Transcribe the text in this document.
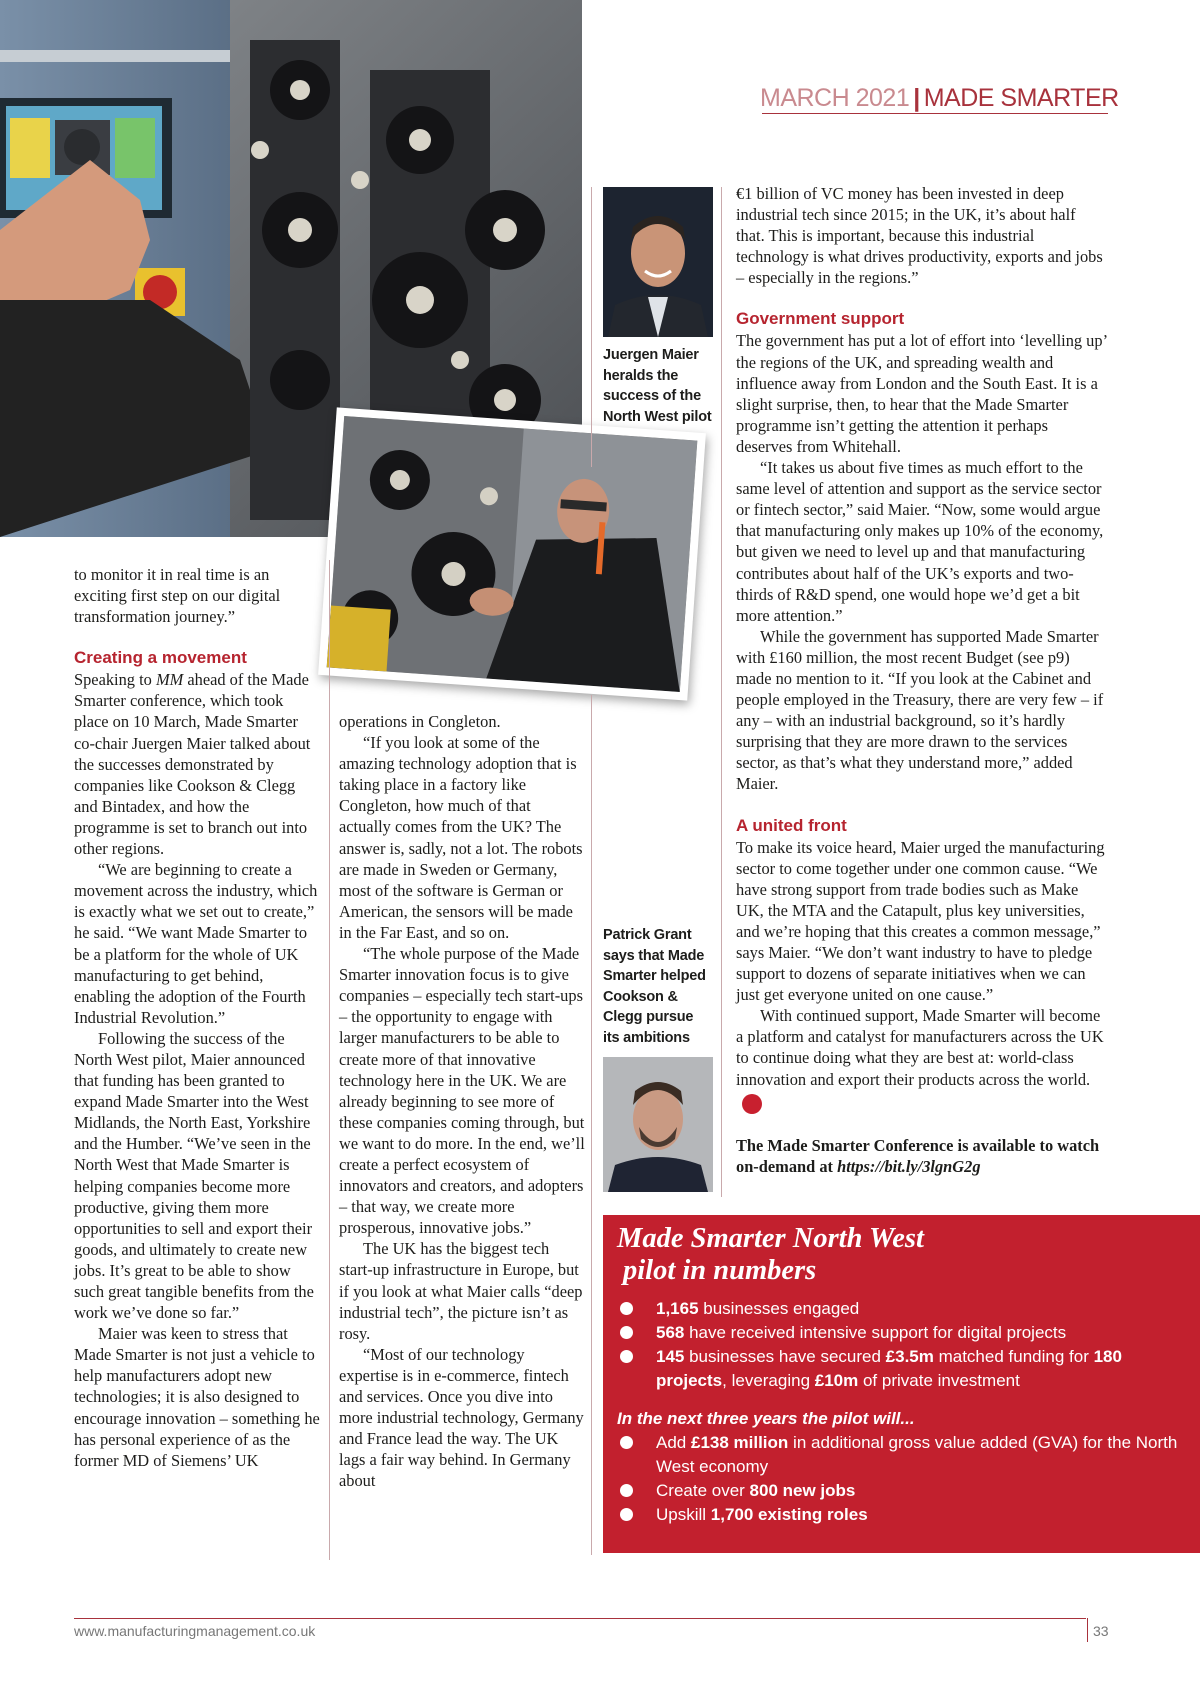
MARCH 2021 | MADE SMARTER
Juergen Maier heralds the success of the North West pilot
Patrick Grant says that Made Smarter helped Cookson & Clegg pursue its ambitions

to monitor it in real time is an exciting first step on our digital transformation journey.”

Creating a movement

Speaking to MM ahead of the Made Smarter conference, which took place on 10 March, Made Smarter co-chair Juergen Maier talked about the successes demonstrated by companies like Cookson & Clegg and Bintadex, and how the programme is set to branch out into other regions.

“We are beginning to create a movement across the industry, which is exactly what we set out to create,” he said. “We want Made Smarter to be a platform for the whole of UK manufacturing to get behind, enabling the adoption of the Fourth Industrial Revolution.”

Following the success of the North West pilot, Maier announced that funding has been granted to expand Made Smarter into the West Midlands, the North East, Yorkshire and the Humber. “We’ve seen in the North West that Made Smarter is helping companies become more productive, giving them more opportunities to sell and export their goods, and ultimately to create new jobs. It’s great to be able to show such great tangible benefits from the work we’ve done so far.”

Maier was keen to stress that Made Smarter is not just a vehicle to help manufacturers adopt new technologies; it is also designed to encourage innovation – something he has personal experience of as the former MD of Siemens’ UK

operations in Congleton.

“If you look at some of the amazing technology adoption that is taking place in a factory like Congleton, how much of that actually comes from the UK? The answer is, sadly, not a lot. The robots are made in Sweden or Germany, most of the software is German or American, the sensors will be made in the Far East, and so on.

“The whole purpose of the Made Smarter innovation focus is to give companies – especially tech start-ups – the opportunity to engage with larger manufacturers to be able to create more of that innovative technology here in the UK. We are already beginning to see more of these companies coming through, but we want to do more. In the end, we’ll create a perfect ecosystem of innovators and creators, and adopters – that way, we create more prosperous, innovative jobs.”

The UK has the biggest tech start-up infrastructure in Europe, but if you look at what Maier calls “deep industrial tech”, the picture isn’t as rosy.

“Most of our technology expertise is in e-commerce, fintech and services. Once you dive into more industrial technology, Germany and France lead the way. The UK lags a fair way behind. In Germany about

€1 billion of VC money has been invested in deep industrial tech since 2015; in the UK, it’s about half that. This is important, because this industrial technology is what drives productivity, exports and jobs – especially in the regions.”

Government support

The government has put a lot of effort into ‘levelling up’ the regions of the UK, and spreading wealth and influence away from London and the South East. It is a slight surprise, then, to hear that the Made Smarter programme isn’t getting the attention it perhaps deserves from Whitehall.

“It takes us about five times as much effort to the same level of attention and support as the service sector or fintech sector,” said Maier. “Now, some would argue that manufacturing only makes up 10% of the economy, but given we need to level up and that manufacturing contributes about half of the UK’s exports and two-thirds of R&D spend, one would hope we’d get a bit more attention.”

While the government has supported Made Smarter with £160 million, the most recent Budget (see p9) made no mention to it. “If you look at the Cabinet and people employed in the Treasury, there are very few – if any – with an industrial background, so it’s hardly surprising that they are more drawn to the services sector, as that’s what they understand more,” added Maier.

A united front

To make its voice heard, Maier urged the manufacturing sector to come together under one common cause. “We have strong support from trade bodies such as Make UK, the MTA and the Catapult, plus key universities, and we’re hoping that this creates a common message,” says Maier. “We don’t want industry to have to pledge support to dozens of separate initiatives when we can just get everyone united on one cause.”

With continued support, Made Smarter will become a platform and catalyst for manufacturers across the UK to continue doing what they are best at: world-class innovation and export their products across the world.M

The Made Smarter Conference is available to watch on-demand at https://bit.ly/3lgnG2g

Made Smarter North West
pilot in numbers
1,165 businesses engaged
568 have received intensive support for digital projects
145 businesses have secured £3.5m matched funding for 180 projects, leveraging £10m of private investment
In the next three years the pilot will...
Add £138 million in additional gross value added (GVA) for the North West economy
Create over 800 new jobs
Upskill 1,700 existing roles
www.manufacturingmanagement.co.uk	33
